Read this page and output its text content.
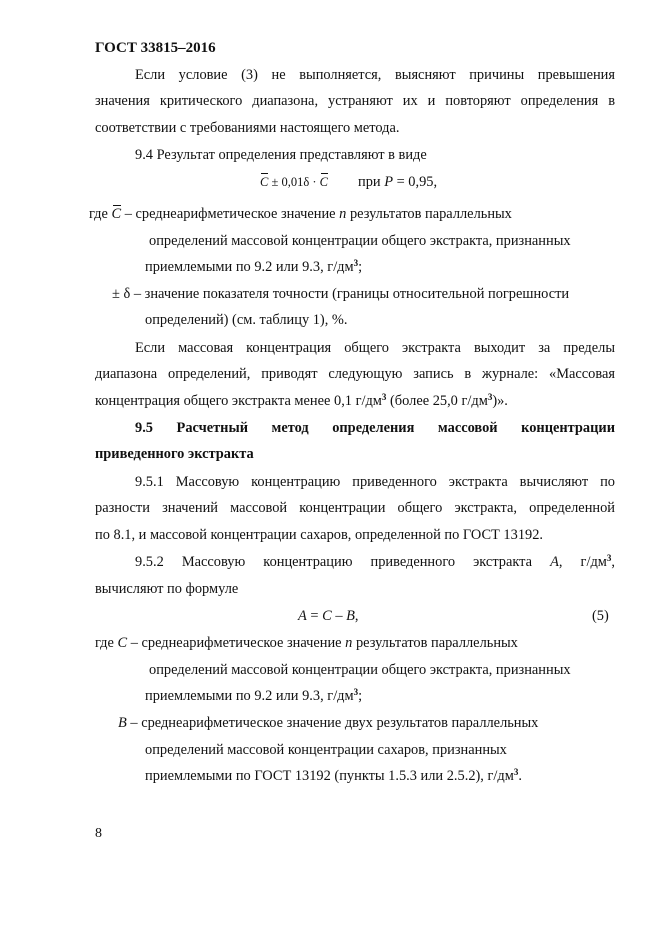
ГОСТ 33815–2016
Если условие (3) не выполняется, выясняют причины превышения
значения критического диапазона, устраняют их и повторяют определения в
соответствии с требованиями настоящего метода.
9.4 Результат определения представляют в виде
C ± 0,01δ · C при P = 0,95,
где C – среднеарифметическое значение n результатов параллельных
определений массовой концентрации общего экстракта, признанных
приемлемыми по 9.2 или 9.3, $г/дм^3$;
± δ – значение показателя точности (границы относительной погрешности
определений) (см. таблицу 1), %.
Если массовая концентрация общего экстракта выходит за пределы
диапазона определений, приводят следующую запись в журнале: «Массовая
концентрация общего экстракта менее 0,1 $г/дм^3$ (более 25,0 $г/дм^3$)».
9.5 Расчетный метод определения массовой концентрации
приведенного экстракта
9.5.1 Массовую концентрацию приведенного экстракта вычисляют по
разности значений массовой концентрации общего экстракта, определенной
по 8.1, и массовой концентрации сахаров, определенной по ГОСТ 13192.
9.5.2 Массовую концентрацию приведенного экстракта A, $г/дм^3$,
вычисляют по формуле
A = C – B,	(5)
где C – среднеарифметическое значение n результатов параллельных
определений массовой концентрации общего экстракта, признанных
приемлемыми по 9.2 или 9.3, $г/дм^3$;
B – среднеарифметическое значение двух результатов параллельных
определений массовой концентрации сахаров, признанных
приемлемыми по ГОСТ 13192 (пункты 1.5.3 или 2.5.2), $г/дм^3$.
8
